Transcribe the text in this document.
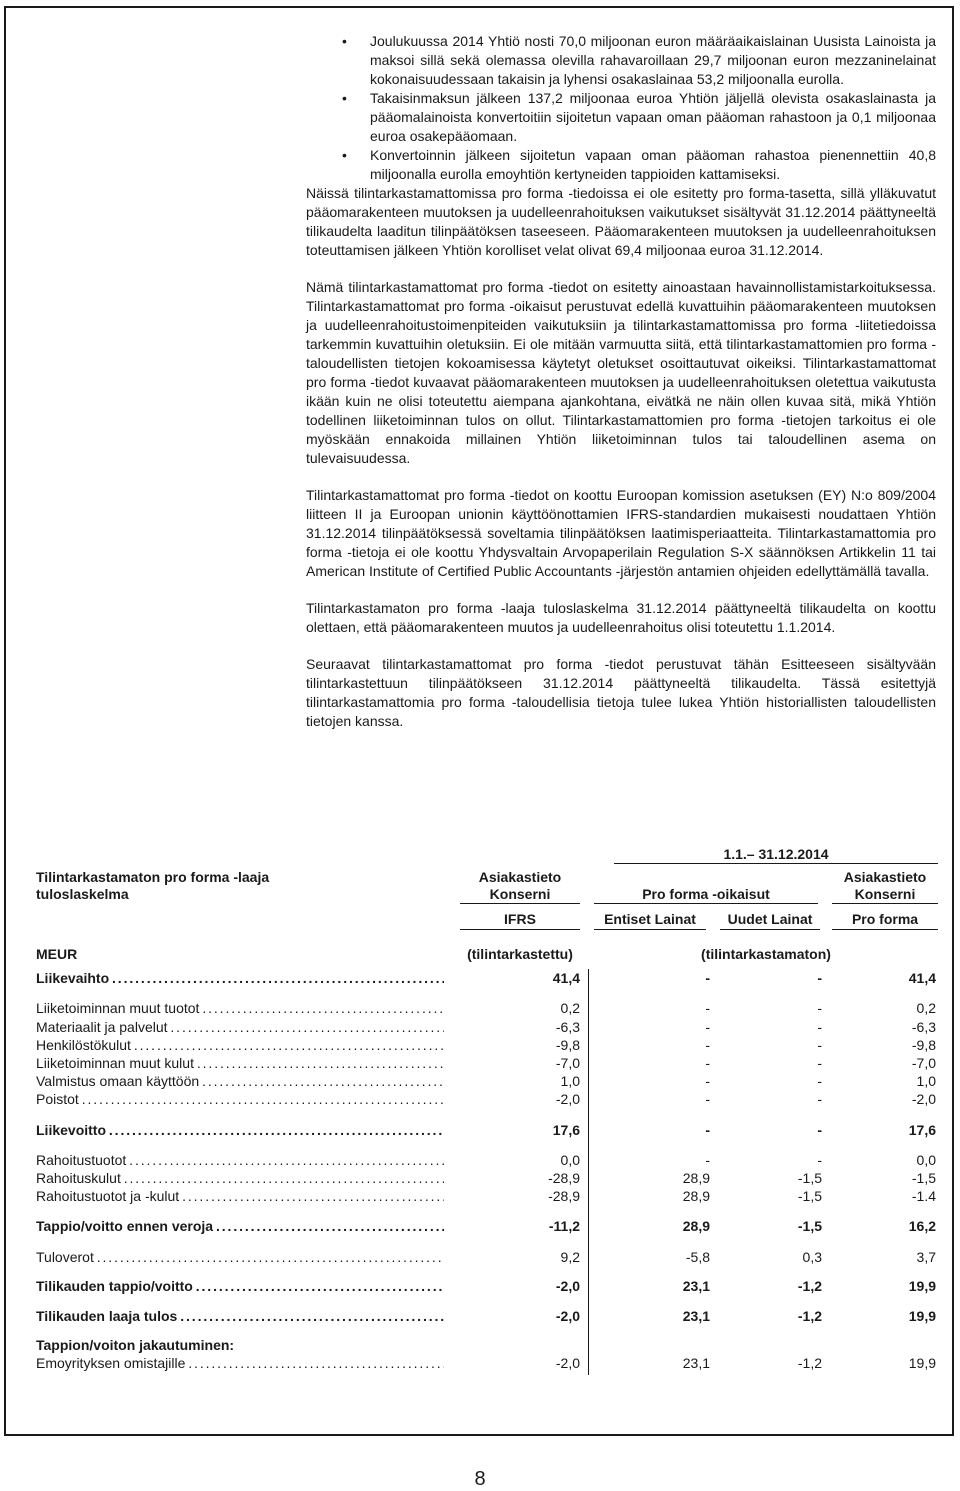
• Joulukuussa 2014 Yhtiö nosti 70,0 miljoonan euron määräaikaislainan Uusista Lainoista ja maksoi sillä sekä olemassa olevilla rahavaroillaan 29,7 miljoonan euron mezzaninelainat kokonaisuudessaan takaisin ja lyhensi osakaslainaa 53,2 miljoonalla eurolla.
• Takaisinmaksun jälkeen 137,2 miljoonaa euroa Yhtiön jäljellä olevista osakaslainasta ja pääomalainoista konvertoitiin sijoitetun vapaan oman pääoman rahastoon ja 0,1 miljoonaa euroa osakepääomaan.
• Konvertoinnin jälkeen sijoitetun vapaan oman pääoman rahastoa pienennettiin 40,8 miljoonalla eurolla emoyhtiön kertyneiden tappioiden kattamiseksi.

Näissä tilintarkastamattomissa pro forma -tiedoissa ei ole esitetty pro forma-tasetta, sillä ylläkuvatut pääomarakenteen muutoksen ja uudelleenrahoituksen vaikutukset sisältyvät 31.12.2014 päättyneeltä tilikaudelta laaditun tilinpäätöksen taseeseen. Pääomarakenteen muutoksen ja uudelleenrahoituksen toteuttamisen jälkeen Yhtiön korolliset velat olivat 69,4 miljoonaa euroa 31.12.2014.

Nämä tilintarkastamattomat pro forma -tiedot on esitetty ainoastaan havainnollistamistarkoituksessa. Tilintarkastamattomat pro forma -oikaisut perustuvat edellä kuvattuihin pääomarakenteen muutoksen ja uudelleenrahoitustoimenpiteiden vaikutuksiin ja tilintarkastamattomissa pro forma -liitetiedoissa tarkemmin kuvattuihin oletuksiin. Ei ole mitään varmuutta siitä, että tilintarkastamattomien pro forma -taloudellisten tietojen kokoamisessa käytetyt oletukset osoittautuvat oikeiksi. Tilintarkastamattomat pro forma -tiedot kuvaavat pääomarakenteen muutoksen ja uudelleenrahoituksen oletettua vaikutusta ikään kuin ne olisi toteutettu aiempana ajankohtana, eivätkä ne näin ollen kuvaa sitä, mikä Yhtiön todellinen liiketoiminnan tulos on ollut. Tilintarkastamattomien pro forma -tietojen tarkoitus ei ole myöskään ennakoida millainen Yhtiön liiketoiminnan tulos tai taloudellinen asema on tulevaisuudessa.

Tilintarkastamattomat pro forma -tiedot on koottu Euroopan komission asetuksen (EY) N:o 809/2004 liitteen II ja Euroopan unionin käyttöönottamien IFRS-standardien mukaisesti noudattaen Yhtiön 31.12.2014 tilinpäätöksessä soveltamia tilinpäätöksen laatimisperiaatteita. Tilintarkastamattomia pro forma -tietoja ei ole koottu Yhdysvaltain Arvopaperilain Regulation S-X säännöksen Artikkelin 11 tai American Institute of Certified Public Accountants -järjestön antamien ohjeiden edellyttämällä tavalla.

Tilintarkastamaton pro forma -laaja tuloslaskelma 31.12.2014 päättyneeltä tilikaudelta on koottu olettaen, että pääomarakenteen muutos ja uudelleenrahoitus olisi toteutettu 1.1.2014.

Seuraavat tilintarkastamattomat pro forma -tiedot perustuvat tähän Esitteeseen sisältyvään tilintarkastettuun tilinpäätökseen 31.12.2014 päättyneeltä tilikaudelta. Tässä esitettyjä tilintarkastamattomia pro forma -taloudellisia tietoja tulee lukea Yhtiön historiallisten taloudellisten tietojen kanssa.

Tilintarkastamaton pro forma -laaja
tuloslaskelma
1.1.– 31.12.2014
Asiakastieto
Konserni	Pro forma -oikaisut
Asiakastieto
Konserni
IFRS	Entiset Lainat	Uudet Lainat	Pro forma
MEUR	(tilintarkastettu)	(tilintarkastamaton)
Liikevaihto . . .	41,4	-	-	41,4
Liiketoiminnan muut tuotot . . .	0,2	-	-	0,2
Materiaalit ja palvelut . . .	-6,3	-	-	-6,3
Henkilöstökulut . . .	-9,8	-	-	-9,8
Liiketoiminnan muut kulut . . .	-7,0	-	-	-7,0
Valmistus omaan käyttöön . . .	1,0	-	-	1,0
Poistot . . .	-2,0	-	-	-2,0
Liikevoitto . . .	17,6	-	-	17,6
Rahoitustuotot . . .	0,0	-	-	0,0
Rahoituskulut . . .	-28,9	28,9	-1,5	-1,5
Rahoitustuotot ja -kulut . . .	-28,9	28,9	-1,5	-1.4
Tappio/voitto ennen veroja . . .	-11,2	28,9	-1,5	16,2
Tuloverot . . .	9,2	-5,8	0,3	3,7
Tilikauden tappio/voitto . . .	-2,0	23,1	-1,2	19,9
Tilikauden laaja tulos . . .	-2,0	23,1	-1,2	19,9
Tappion/voiton jakautuminen:
Emoyrityksen omistajille . . .	-2,0	23,1	-1,2	19,9
8
